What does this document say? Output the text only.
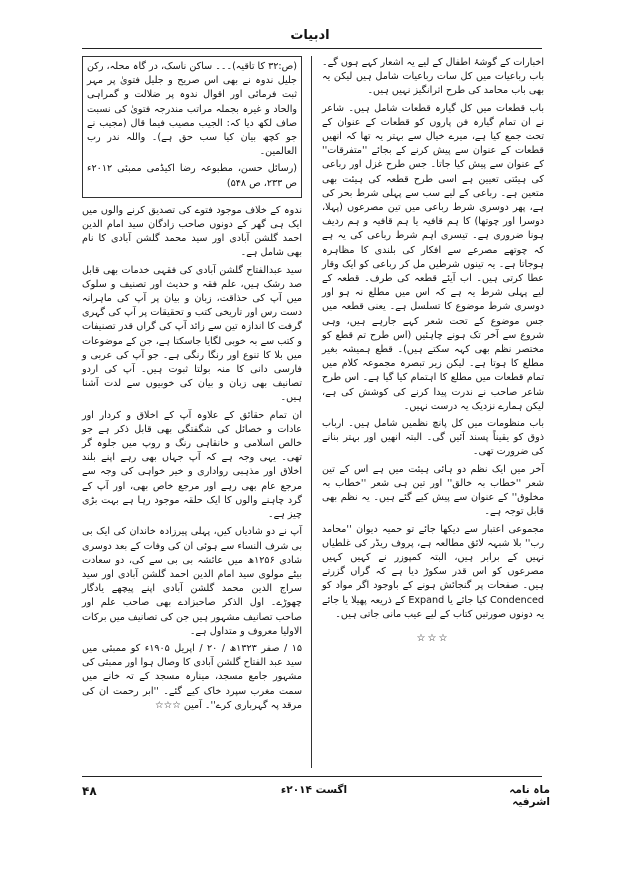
ادبیات

اخبارات کے گوشۂ اطفال کے لیے یہ اشعار کہے ہوں گے۔ باب رباعیات میں کل سات رباعیات شامل ہیں لیکن یہ بھی باب محامد کی طرح اثرانگیز نہیں ہیں۔

باب قطعات میں کل گیارہ قطعات شامل ہیں۔ شاعر نے ان تمام گیارہ فن پاروں کو قطعات کے عنوان کے تحت جمع کیا ہے، میرے خیال سے بہتر یہ تھا کہ انھیں قطعات کے عنوان سے پیش کرنے کے بجائے ''متفرقات'' کے عنوان سے پیش کیا جاتا۔ جس طرح غزل اور رباعی کی ہیئتی تعیین ہے اسی طرح قطعہ کی ہیئت بھی متعین ہے۔ رباعی کے لیے سب سے پہلی شرط بحر کی ہے، پھر دوسری شرط رباعی میں تین مصرعوں (پہلا، دوسرا اور چوتھا) کا ہم قافیہ یا ہم قافیہ و ہم ردیف ہونا ضروری ہے۔ تیسری اہم شرط رباعی کی یہ ہے کہ چوتھے مصرعے سے افکار کی بلندی کا مظاہرہ ہوجاتا ہے۔ یہ تینوں شرطیں مل کر رباعی کو ایک وقار عطا کرتی ہیں۔ اب آیئے قطعہ کی طرف۔ قطعہ کے لیے پہلی شرط یہ ہے کہ اس میں مطلع نہ ہو اور دوسری شرط موضوع کا تسلسل ہے۔ یعنی قطعہ میں جس موضوع کے تحت شعر کہے جارہے ہیں، وہی شروع سے آخر تک ہونے چاہئیں (اس طرح تم قطع کو مختصر نظم بھی کہہ سکتے ہیں)۔ قطع ہمیشہ بغیر مطلع کا ہوتا ہے۔ لیکن زیر تبصرہ مجموعہ کلام میں تمام قطعات میں مطلع کا اہتمام کیا گیا ہے۔ اس طرح شاعر صاحب نے ندرت پیدا کرنے کی کوشش کی ہے، لیکن ہمارے نزدیک یہ درست نہیں۔

باب منظومات میں کل پانچ نظمیں شامل ہیں۔ ارباب ذوق کو یقیناً پسند آئیں گی۔ البتہ انھیں اور بہتر بنانے کی ضرورت تھی۔

آخر میں ایک نظم دو ہائی ہیئت میں ہے اس کے تین شعر ''خطاب بہ خالق'' اور تین ہی شعر ''خطاب بہ مخلوق'' کے عنوان سے پیش کیے گئے ہیں۔ یہ نظم بھی قابل توجہ ہے۔

مجموعی اعتبار سے دیکھا جائے تو حمیہ دیوان ''محامد رب'' بلا شبہہ لائق مطالعہ ہے، پروف ریڈر کی غلطیاں نہیں کے برابر ہیں، البتہ کمپوزر نے کہیں کہیں مصرعوں کو اس قدر سکوڑ دیا ہے کہ گراں گزرتے ہیں۔ صفحات پر گنجائش ہونے کے باوجود اگر مواد کو Condenced کیا جائے یا Expand کے ذریعہ پھیلا یا جائے یہ دونوں صورتیں کتاب کے لیے عیب مانی جاتی ہیں۔

☆☆☆

(ص:۳۲ کا تاقیہ)۔۔۔ ساکن ناسک، در گاہ محلہ، رکن جلیل ندوہ نے بھی اس صریح و جلیل فتویٰ پر مہر ثبت فرمائی اور اقوال ندوہ پر ضلالت و گمراہی والحاد و غیرہ بجملہ مراتب مندرجہ فتویٰ کی نسبت صاف لکھ دیا کہ: الجیب مصیب فیما قال (مجیب نے جو کچھ بیان کیا سب حق ہے)۔ واللہ ندر رب العالمین۔

(رسائل حسن، مطبوعہ رضا اکیڈمی ممبئی ۲۰۱۲ء ص ۲۳۳، ص ۵۴۸)

ندوہ کے خلاف موجود فتوے کی تصدیق کرنے والوں میں ایک ہی گھر کے دونوں صاحب زادگان سید امام الدین احمد گلشن آبادی اور سید محمد گلشن آبادی کا نام بھی شامل ہے۔

سید عبدالفتاح گلشن آبادی کی فقہی خدمات بھی قابل صد رشک ہیں، علم فقہ و حدیث اور تصنیف و سلوک میں آپ کی حذاقت، زبان و بیان پر آپ کی ماہرانہ دست رس اور تاریخی کتب و تحقیقات پر آپ کی گہری گرفت کا اندازہ تین سے زائد آپ کی گراں قدر تصنیفات و کتب سے بہ خوبی لگایا جاسکتا ہے، جن کے موضوعات میں بلا کا تنوع اور رنگا رنگی ہے۔ جو آپ کی عربی و فارسی دانی کا منہ بولتا ثبوت ہیں۔ آپ کی اردو تصانیف بھی زبان و بیان کی خوبیوں سے لدت آشنا ہیں۔

ان تمام حقائق کے علاوہ آپ کے اخلاق و کردار اور عادات و خصائل کی شگفتگی بھی قابل ذکر ہے جو خالص اسلامی و خانقاہی رنگ و روپ میں جلوہ گر تھی۔ یہی وجہ ہے کہ آپ جہاں بھی رہے اپنے بلند اخلاق اور مذہبی رواداری و خیر خواہی کی وجہ سے مرجع عام بھی رہے اور مرجع خاص بھی، اور آپ کے گرد چاہنے والوں کا ایک حلقہ موجود رہا ہے بہت بڑی چیز ہے۔

آپ نے دو شادیاں کیں، پہلی پیرزادہ خاندان کی ایک بی بی شرف النساء سے ہوئی ان کی وفات کے بعد دوسری شادی ۱۲۵۶ھ میں عائشہ بی بی سے کی، دو سعادت بیٹے مولوی سید امام الدین احمد گلشن آبادی اور سید سراج الدین محمد گلشن آبادی اپنے پیچھے یادگار چھوڑے۔ اول الذکر صاحبزادے بھی صاحب علم اور صاحب تصانیف مشہور ہیں جن کی تصانیف میں برکات الاولیا معروف و متداول ہے۔

۱۵ / صفر ۱۳۲۳ھ / ۲۰ / اپریل ۱۹۰۵ء کو ممبئی میں سید عبد الفتاح گلشن آبادی کا وصال ہوا اور ممبئی کی مشہور جامع مسجد، مینارہ مسجد کے تہ خانے میں سمت مغرب سپرد خاک کیے گئے۔ ''ابر رحمت ان کی مرقد پہ گہرباری کرے''۔ آمین ☆☆☆

ماہ نامہ اشرفیہ
اگست ۲۰۱۴ء
۴۸
